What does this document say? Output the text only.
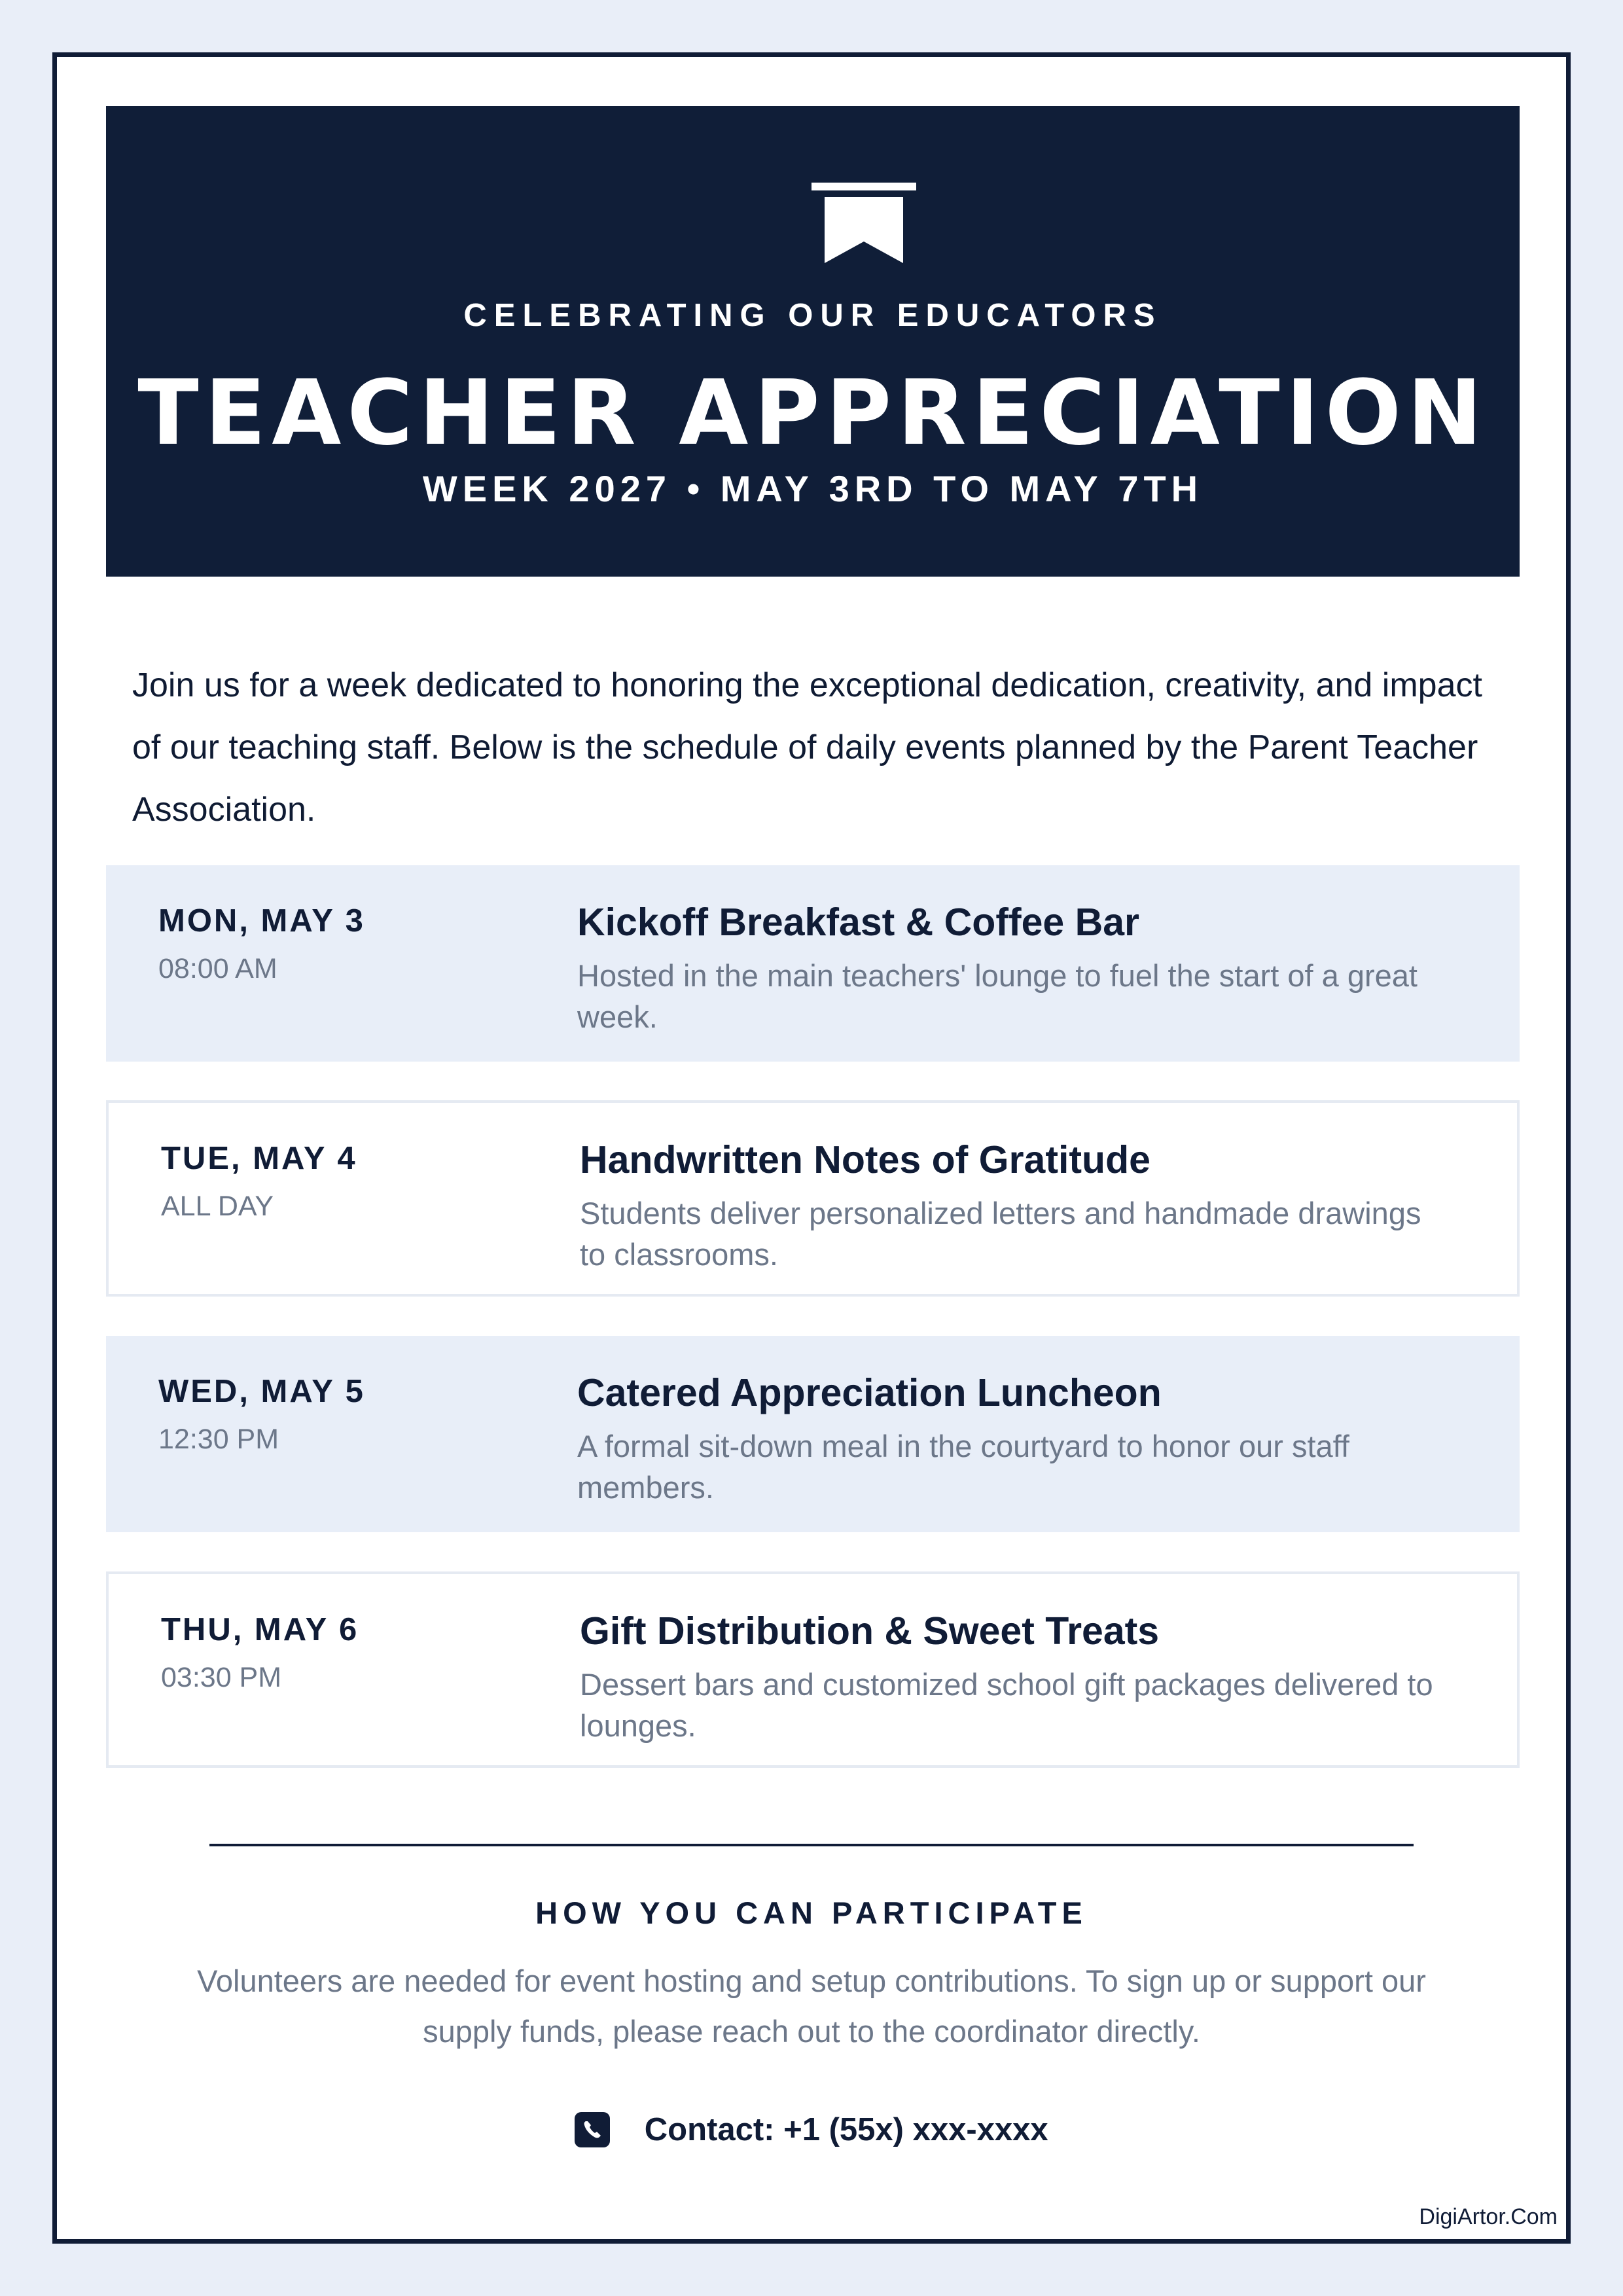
CELEBRATING OUR EDUCATORS
TEACHER APPRECIATION
WEEK 2027 • MAY 3RD TO MAY 7TH
Join us for a week dedicated to honoring the exceptional dedication, creativity, and impact of our teaching staff. Below is the schedule of daily events planned by the Parent Teacher Association.
MON, MAY 3
08:00 AM
Kickoff Breakfast & Coffee Bar
Hosted in the main teachers' lounge to fuel the start of a great week.
TUE, MAY 4
ALL DAY
Handwritten Notes of Gratitude
Students deliver personalized letters and handmade drawings to classrooms.
WED, MAY 5
12:30 PM
Catered Appreciation Luncheon
A formal sit-down meal in the courtyard to honor our staff members.
THU, MAY 6
03:30 PM
Gift Distribution & Sweet Treats
Dessert bars and customized school gift packages delivered to lounges.
HOW YOU CAN PARTICIPATE
Volunteers are needed for event hosting and setup contributions. To sign up or support our supply funds, please reach out to the coordinator directly.
Contact: +1 (55x) xxx-xxxx
DigiArtor.Com
